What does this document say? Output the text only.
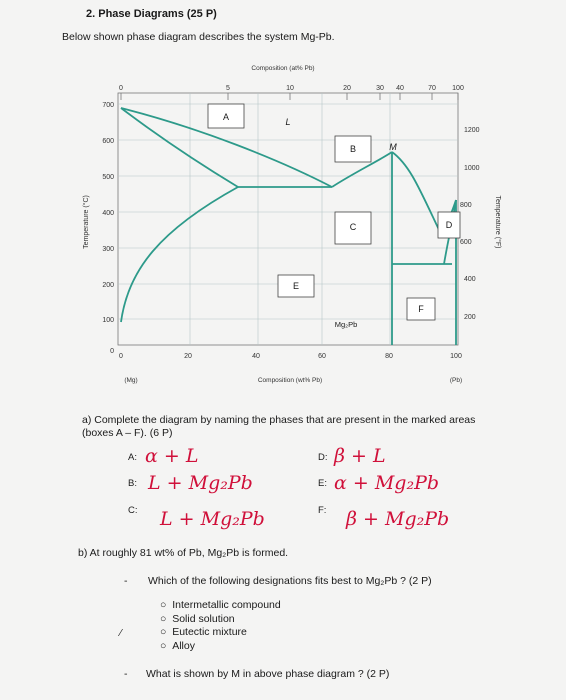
2. Phase Diagrams (25 P)
Below shown phase diagram describes the system Mg-Pb.
A
B
C	D
E
F
L
M
Mg₂Pb
Composition (at% Pb)
0	5	10	20	30 40	70 100
700
600
500
400
300
200
100
0
Temperature (°C)
1200
1000
800
600
400
200
Temperature (°F)
0	20	40	60	80	100
(Mg)	(Pb)
Composition (wt% Pb)
a) Complete the diagram by naming the phases that are present in the marked areas (boxes A – F). (6 P)
A: α + L
B: L + Mg₂Pb
C: L + Mg₂Pb
D: β + L
E: α + Mg₂Pb
F: β + Mg₂Pb
b) At roughly 81 wt% of Pb, Mg₂Pb is formed.
- Which of the following designations fits best to Mg₂Pb ? (2 P)
○  Intermetallic compound
○  Solid solution
○  Eutectic mixture
○  Alloy
⁄
- What is shown by M in above phase diagram ? (2 P)
